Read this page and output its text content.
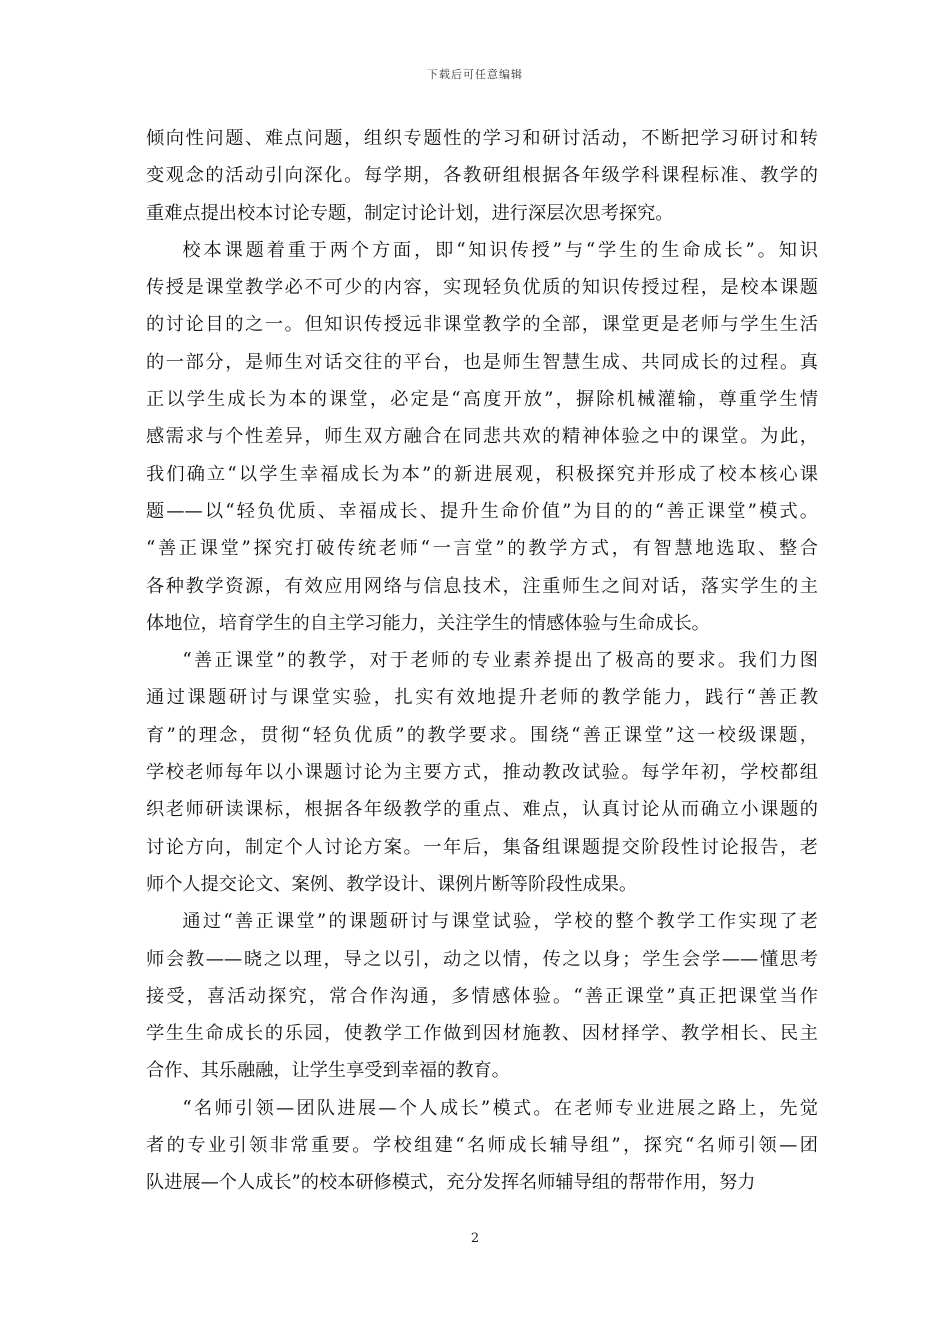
下载后可任意编辑
倾向性问题、难点问题，组织专题性的学习和研讨活动，不断把学习研讨和转
变观念的活动引向深化。每学期，各教研组根据各年级学科课程标准、教学的
重难点提出校本讨论专题，制定讨论计划，进行深层次思考探究。
校本课题着重于两个方面，即“知识传授”与“学生的生命成长”。知识
传授是课堂教学必不可少的内容，实现轻负优质的知识传授过程，是校本课题
的讨论目的之一。但知识传授远非课堂教学的全部，课堂更是老师与学生生活
的一部分，是师生对话交往的平台，也是师生智慧生成、共同成长的过程。真
正以学生成长为本的课堂，必定是“高度开放”，摒除机械灌输，尊重学生情
感需求与个性差异，师生双方融合在同悲共欢的精神体验之中的课堂。为此，
我们确立“以学生幸福成长为本”的新进展观，积极探究并形成了校本核心课
题——以“轻负优质、幸福成长、提升生命价值”为目的的“善正课堂”模式。
“善正课堂”探究打破传统老师“一言堂”的教学方式，有智慧地选取、整合
各种教学资源，有效应用网络与信息技术，注重师生之间对话，落实学生的主
体地位，培育学生的自主学习能力，关注学生的情感体验与生命成长。
“善正课堂”的教学，对于老师的专业素养提出了极高的要求。我们力图
通过课题研讨与课堂实验，扎实有效地提升老师的教学能力，践行“善正教
育”的理念，贯彻“轻负优质”的教学要求。围绕“善正课堂”这一校级课题，
学校老师每年以小课题讨论为主要方式，推动教改试验。每学年初，学校都组
织老师研读课标，根据各年级教学的重点、难点，认真讨论从而确立小课题的
讨论方向，制定个人讨论方案。一年后，集备组课题提交阶段性讨论报告，老
师个人提交论文、案例、教学设计、课例片断等阶段性成果。
通过“善正课堂”的课题研讨与课堂试验，学校的整个教学工作实现了老
师会教——晓之以理，导之以引，动之以情，传之以身；学生会学——懂思考
接受，喜活动探究，常合作沟通，多情感体验。“善正课堂”真正把课堂当作
学生生命成长的乐园，使教学工作做到因材施教、因材择学、教学相长、民主
合作、其乐融融，让学生享受到幸福的教育。
“名师引领—团队进展—个人成长”模式。在老师专业进展之路上，先觉
者的专业引领非常重要。学校组建“名师成长辅导组”，探究“名师引领—团
队进展—个人成长”的校本研修模式，充分发挥名师辅导组的帮带作用，努力
2
